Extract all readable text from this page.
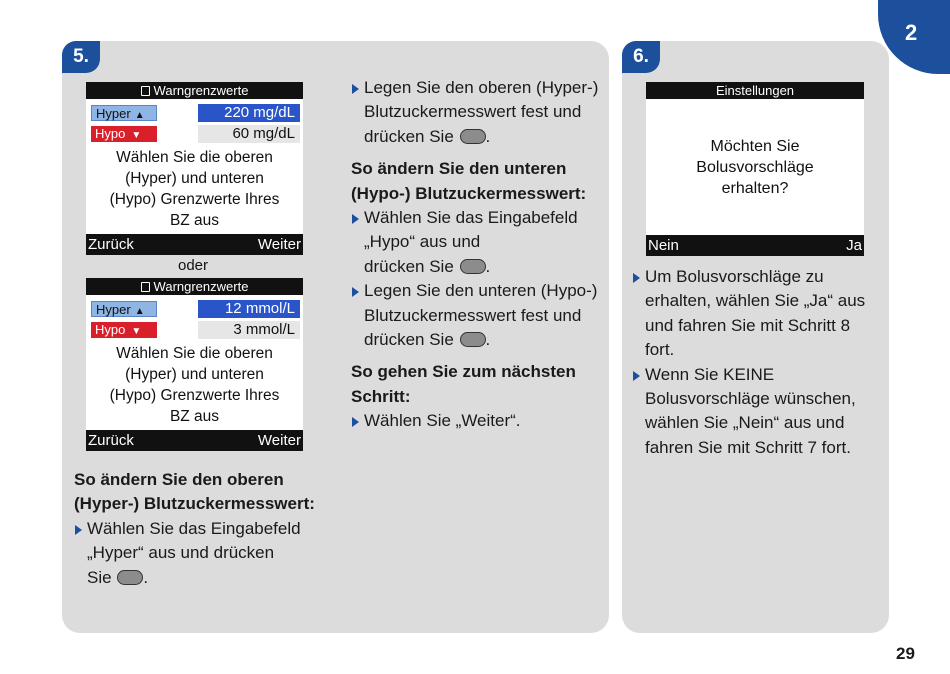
2
5.
Warngrenzwerte
Hyper ▲	220 mg/dL
Hypo ▼	60 mg/dL
Wählen Sie die oberen
(Hyper) und unteren
(Hypo) Grenzwerte Ihres
BZ aus
Zurück	Weiter
oder
Warngrenzwerte
Hyper ▲	12 mmol/L
Hypo ▼	3 mmol/L
Wählen Sie die oberen
(Hyper) und unteren
(Hypo) Grenzwerte Ihres
BZ aus
Zurück	Weiter
So ändern Sie den oberen
(Hyper-) Blutzuckermesswert:
Wählen Sie das Eingabefeld
„Hyper“ aus und drücken
Sie .
Legen Sie den oberen (Hyper-)
Blutzuckermesswert fest und
drücken Sie .
So ändern Sie den unteren
(Hypo-) Blutzuckermesswert:
Wählen Sie das Eingabefeld
„Hypo“ aus und
drücken Sie .
Legen Sie den unteren (Hypo-)
Blutzuckermesswert fest und
drücken Sie .
So gehen Sie zum nächsten
Schritt:
Wählen Sie „Weiter“.
6.
Einstellungen
Möchten Sie
Bolusvorschläge
erhalten?
Nein	Ja
Um Bolusvorschläge zu
erhalten, wählen Sie „Ja“ aus
und fahren Sie mit Schritt 8
fort.
Wenn Sie KEINE
Bolusvorschläge wünschen,
wählen Sie „Nein“ aus und
fahren Sie mit Schritt 7 fort.
29
